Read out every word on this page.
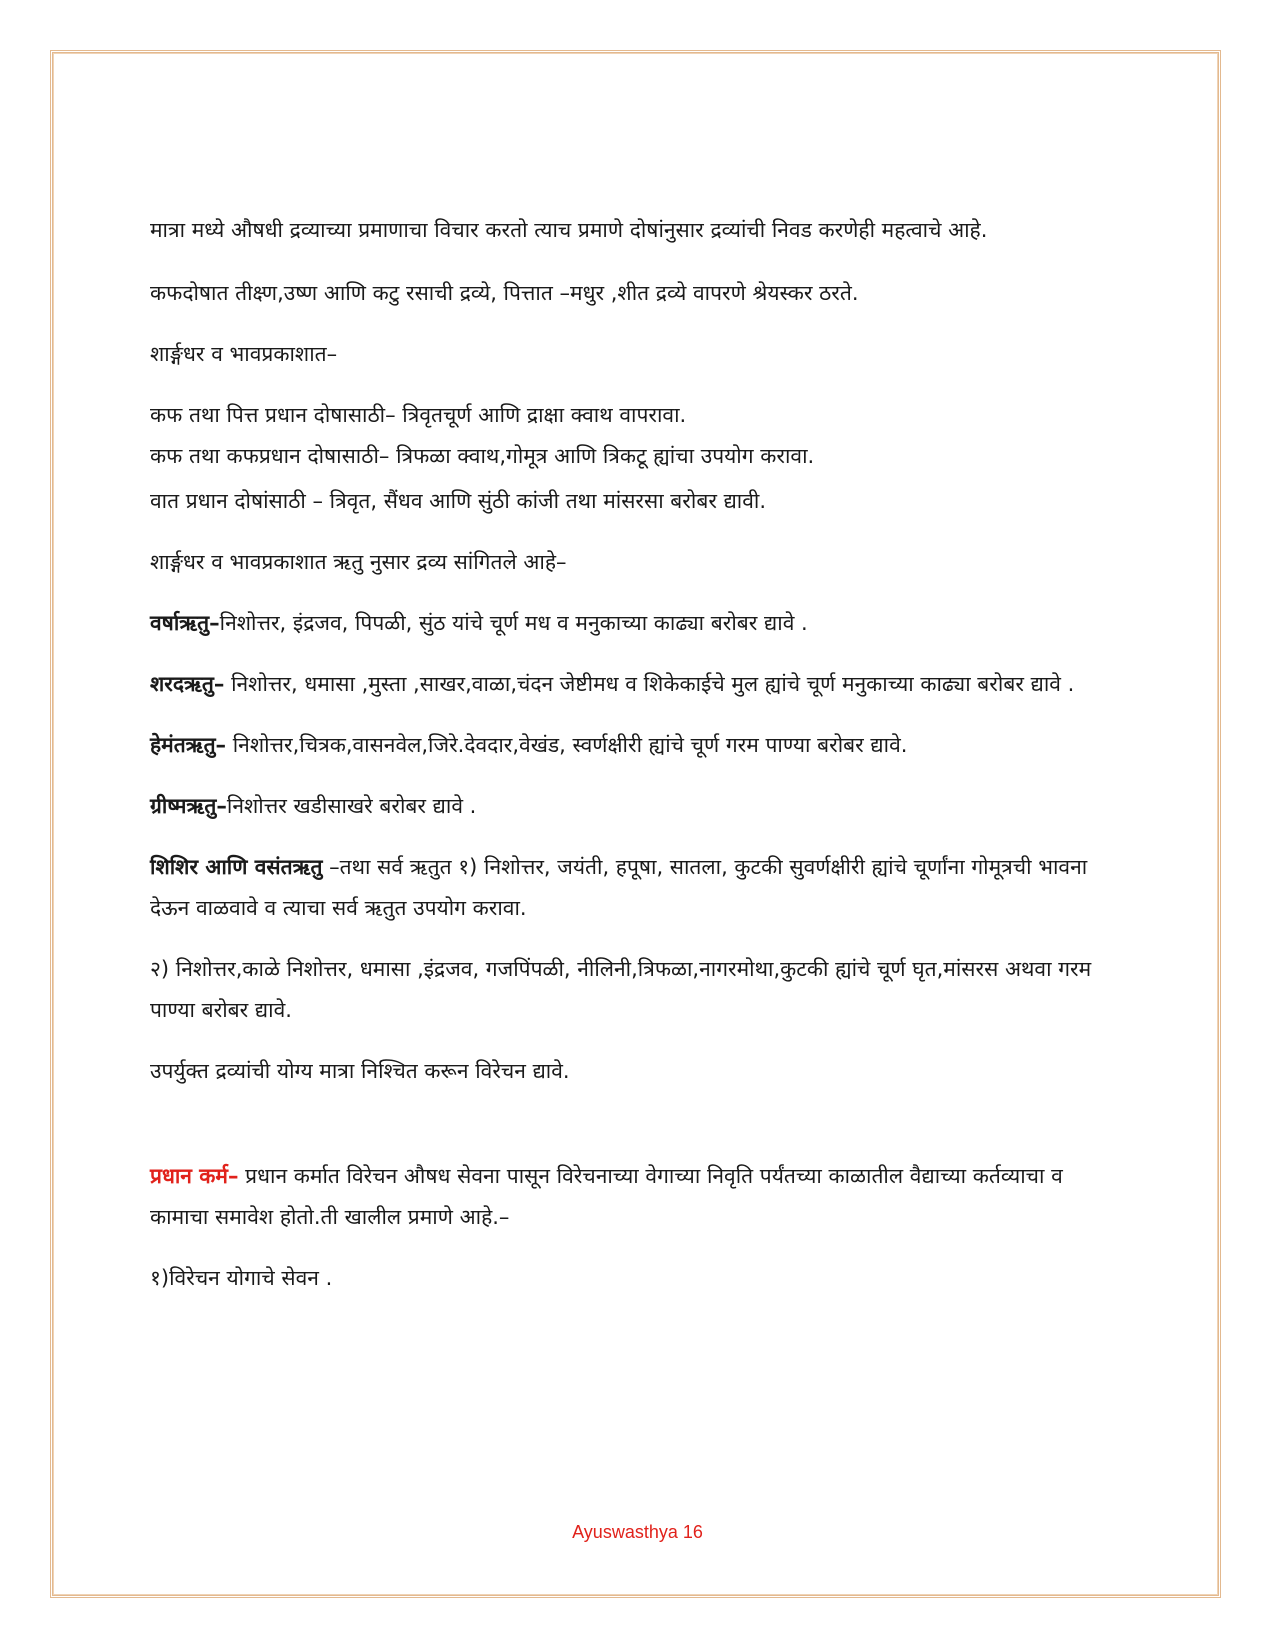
मात्रा मध्ये औषधी द्रव्याच्या प्रमाणाचा विचार करतो त्याच प्रमाणे दोषांनुसार द्रव्यांची निवड करणेही महत्वाचे आहे.

कफदोषात तीक्ष्ण,उष्ण आणि कटु रसाची द्रव्ये, पित्तात –मधुर ,शीत द्रव्ये वापरणे श्रेयस्कर ठरते.

शार्ङ्गधर व भावप्रकाशात–

कफ तथा पित्त प्रधान दोषासाठी– त्रिवृतचूर्ण आणि द्राक्षा क्वाथ वापरावा.

कफ तथा कफप्रधान दोषासाठी– त्रिफळा क्वाथ,गोमूत्र आणि त्रिकटू ह्यांचा उपयोग करावा.

वात प्रधान दोषांसाठी – त्रिवृत, सैंधव आणि सुंठी कांजी तथा मांसरसा बरोबर द्यावी.

शार्ङ्गधर व भावप्रकाशात ऋतु नुसार द्रव्य सांगितले आहे–

वर्षाऋतु–निशोत्तर, इंद्रजव, पिपळी, सुंठ यांचे चूर्ण मध व मनुकाच्या काढ्या बरोबर द्यावे .

शरदऋतु– निशोत्तर, धमासा ,मुस्ता ,साखर,वाळा,चंदन जेष्टीमध व शिकेकाईचे मुल ह्यांचे चूर्ण मनुकाच्या काढ्या बरोबर द्यावे .

हेमंतऋतु– निशोत्तर,चित्रक,वासनवेल,जिरे.देवदार,वेखंड, स्वर्णक्षीरी ह्यांचे चूर्ण गरम पाण्या बरोबर द्यावे.

ग्रीष्मऋतु–निशोत्तर खडीसाखरे बरोबर द्यावे .

शिशिर आणि वसंतऋतु –तथा सर्व ऋतुत १) निशोत्तर, जयंती, हपूषा, सातला, कुटकी सुवर्णक्षीरी ह्यांचे चूर्णांना गोमूत्रची भावना देऊन वाळवावे व त्याचा सर्व ऋतुत उपयोग करावा.

२) निशोत्तर,काळे निशोत्तर, धमासा ,इंद्रजव, गजपिंपळी, नीलिनी,त्रिफळा,नागरमोथा,कुटकी ह्यांचे चूर्ण घृत,मांसरस अथवा गरम पाण्या बरोबर द्यावे.

उपर्युक्त द्रव्यांची योग्य मात्रा निश्चित करून विरेचन द्यावे.

प्रधान कर्म– प्रधान कर्मात विरेचन औषध सेवना पासून विरेचनाच्या वेगाच्या निवृति पर्यंतच्या काळातील वैद्याच्या कर्तव्याचा व कामाचा समावेश होतो.ती खालील प्रमाणे आहे.–

१)विरेचन योगाचे सेवन .

Ayuswasthya 16
